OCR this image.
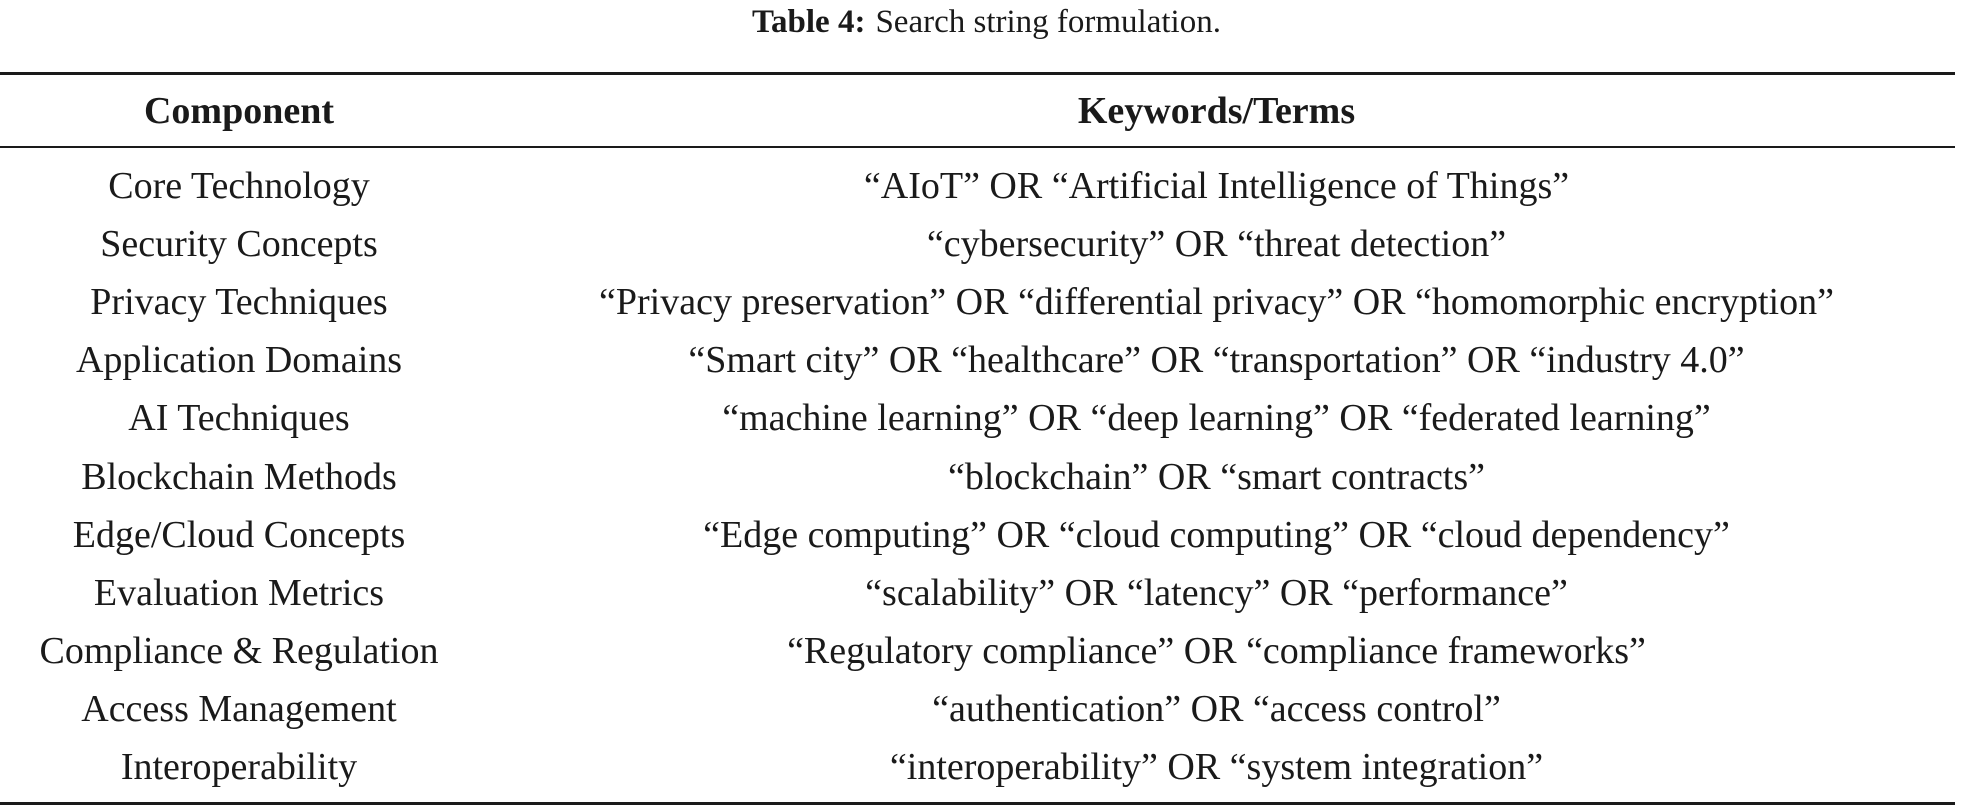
Table 4: Search string formulation.
Component	Keywords/Terms
Core Technology	“AIoT” OR “Artificial Intelligence of Things”
Security Concepts	“cybersecurity” OR “threat detection”
Privacy Techniques	“Privacy preservation” OR “differential privacy” OR “homomorphic encryption”
Application Domains	“Smart city” OR “healthcare” OR “transportation” OR “industry 4.0”
AI Techniques	“machine learning” OR “deep learning” OR “federated learning”
Blockchain Methods	“blockchain” OR “smart contracts”
Edge/Cloud Concepts	“Edge computing” OR “cloud computing” OR “cloud dependency”
Evaluation Metrics	“scalability” OR “latency” OR “performance”
Compliance & Regulation	“Regulatory compliance” OR “compliance frameworks”
Access Management	“authentication” OR “access control”
Interoperability	“interoperability” OR “system integration”
